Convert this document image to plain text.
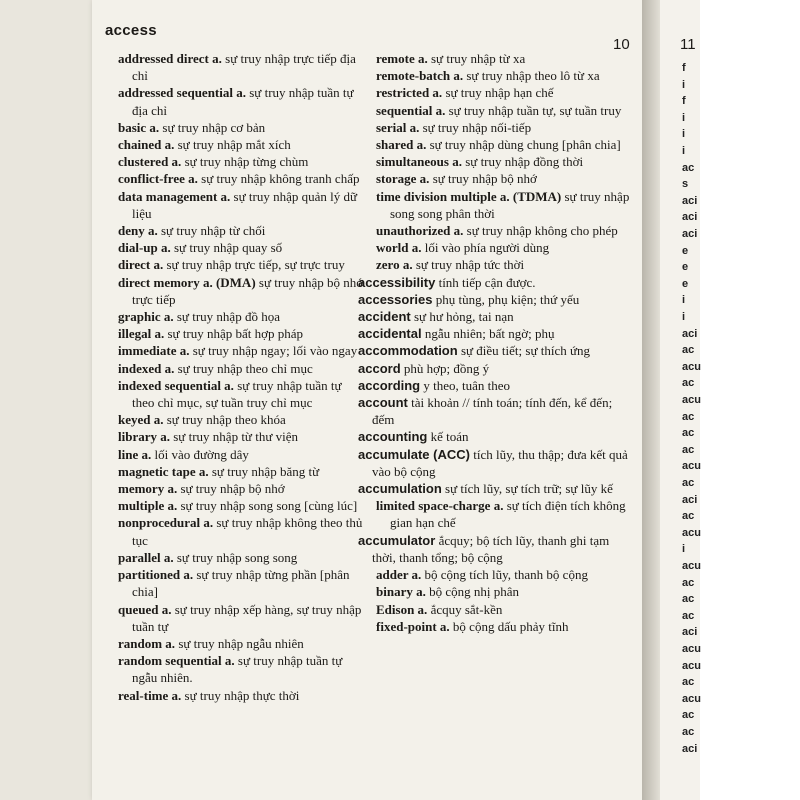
access
10	11
addressed direct a. sự truy nhập trực tiếp địa chỉ
addressed sequential a. sự truy nhập tuần tự địa chỉ
basic a. sự truy nhập cơ bản
chained a. sự truy nhập mắt xích
clustered a. sự truy nhập từng chùm
conflict-free a. sự truy nhập không tranh chấp
data management a. sự truy nhập quản lý dữ liệu
deny a. sự truy nhập từ chối
dial-up a. sự truy nhập quay số
direct a. sự truy nhập trực tiếp, sự trực truy
direct memory a. (DMA) sự truy nhập bộ nhớ trực tiếp
graphic a. sự truy nhập đồ họa
illegal a. sự truy nhập bất hợp pháp
immediate a. sự truy nhập ngay; lối vào ngay
indexed a. sự truy nhập theo chỉ mục
indexed sequential a. sự truy nhập tuần tự theo chỉ mục, sự tuần truy chỉ mục
keyed a. sự truy nhập theo khóa
library a. sự truy nhập từ thư viện
line a. lối vào đường dây
magnetic tape a. sự truy nhập băng từ
memory a. sự truy nhập bộ nhớ
multiple a. sự truy nhập song song [cùng lúc]
nonprocedural a. sự truy nhập không theo thủ tục
parallel a. sự truy nhập song song
partitioned a. sự truy nhập từng phần [phân chia]
queued a. sự truy nhập xếp hàng, sự truy nhập tuần tự
random a. sự truy nhập ngẫu nhiên
random sequential a. sự truy nhập tuần tự ngẫu nhiên.
real-time a. sự truy nhập thực thời
remote a. sự truy nhập từ xa
remote-batch a. sự truy nhập theo lô từ xa
restricted a. sự truy nhập hạn chế
sequential a. sự truy nhập tuần tự, sự tuần truy
serial a. sự truy nhập nối-tiếp
shared a. sự truy nhập dùng chung [phân chia]
simultaneous a. sự truy nhập đồng thời
storage a. sự truy nhập bộ nhớ
time division multiple a. (TDMA) sự truy nhập song song phân thời
unauthorized a. sự truy nhập không cho phép
world a. lối vào phía người dùng
zero a. sự truy nhập tức thời
accessibility tính tiếp cận được.
accessories phụ tùng, phụ kiện; thứ yếu
accident sự hư hỏng, tai nạn
accidental ngẫu nhiên; bất ngờ; phụ
accommodation sự điều tiết; sự thích ứng
accord phù hợp; đồng ý
according y theo, tuân theo
account tài khoản // tính toán; tính đến, kể đến; đếm
accounting kế toán
accumulate (ACC) tích lũy, thu thập; đưa kết quả vào bộ cộng
accumulation sự tích lũy, sự tích trữ; sự lũy kế
limited space-charge a. sự tích điện tích không gian hạn chế
accumulator ắcquy; bộ tích lũy, thanh ghi tạm thời, thanh tổng; bộ cộng
adder a. bộ cộng tích lũy, thanh bộ cộng
binary a. bộ cộng nhị phân
Edison a. ắcquy sắt-kền
fixed-point a. bộ cộng dấu phảy tĩnh
f
i
f
i
i
i
ac
s
aci
aci
aci
e
e
e
i
i
aci
ac
acu
ac
acu
ac
ac
ac
acu
ac
aci
ac
acu
i
acu
ac
ac
ac
aci
acu
acu
ac
acu
ac
ac
aci
